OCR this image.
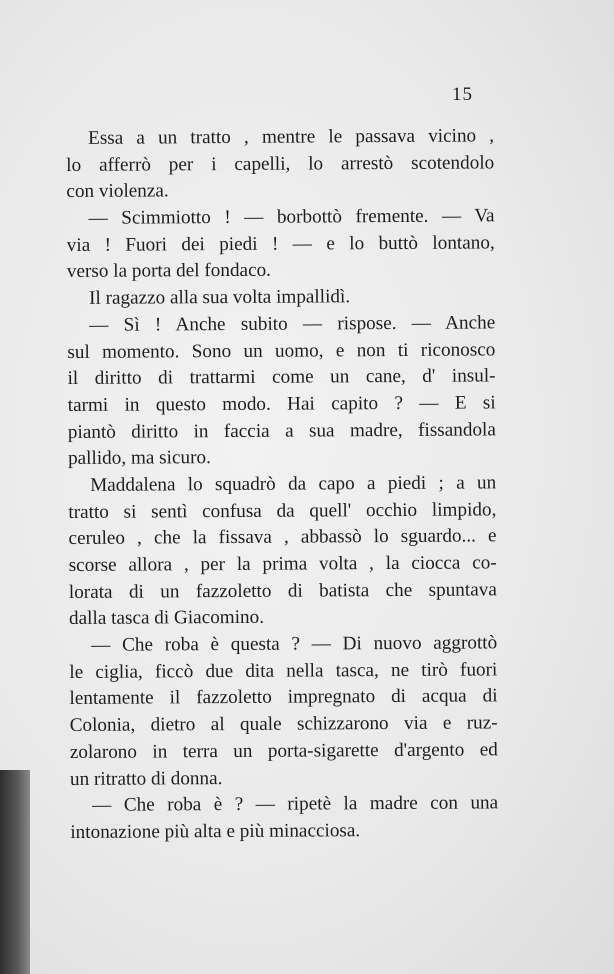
15
Essa a un tratto , mentre le passava vicino ,
lo afferrò per i capelli, lo arrestò scotendolo
con violenza.
— Scimmiotto ! — borbottò fremente. — Va
via ! Fuori dei piedi ! — e lo buttò lontano,
verso la porta del fondaco.
Il ragazzo alla sua volta impallidì.
— Sì ! Anche subito — rispose. — Anche
sul momento. Sono un uomo, e non ti riconosco
il diritto di trattarmi come un cane, d' insul-
tarmi in questo modo. Hai capito ? — E si
piantò diritto in faccia a sua madre, fissandola
pallido, ma sicuro.
Maddalena lo squadrò da capo a piedi ; a un
tratto si sentì confusa da quell' occhio limpido,
ceruleo , che la fissava , abbassò lo sguardo... e
scorse allora , per la prima volta , la ciocca co-
lorata di un fazzoletto di batista che spuntava
dalla tasca di Giacomino.
— Che roba è questa ? — Di nuovo aggrottò
le ciglia, ficcò due dita nella tasca, ne tirò fuori
lentamente il fazzoletto impregnato di acqua di
Colonia, dietro al quale schizzarono via e ruz-
zolarono in terra un porta-sigarette d'argento ed
un ritratto di donna.
— Che roba è ? — ripetè la madre con una
intonazione più alta e più minacciosa.
